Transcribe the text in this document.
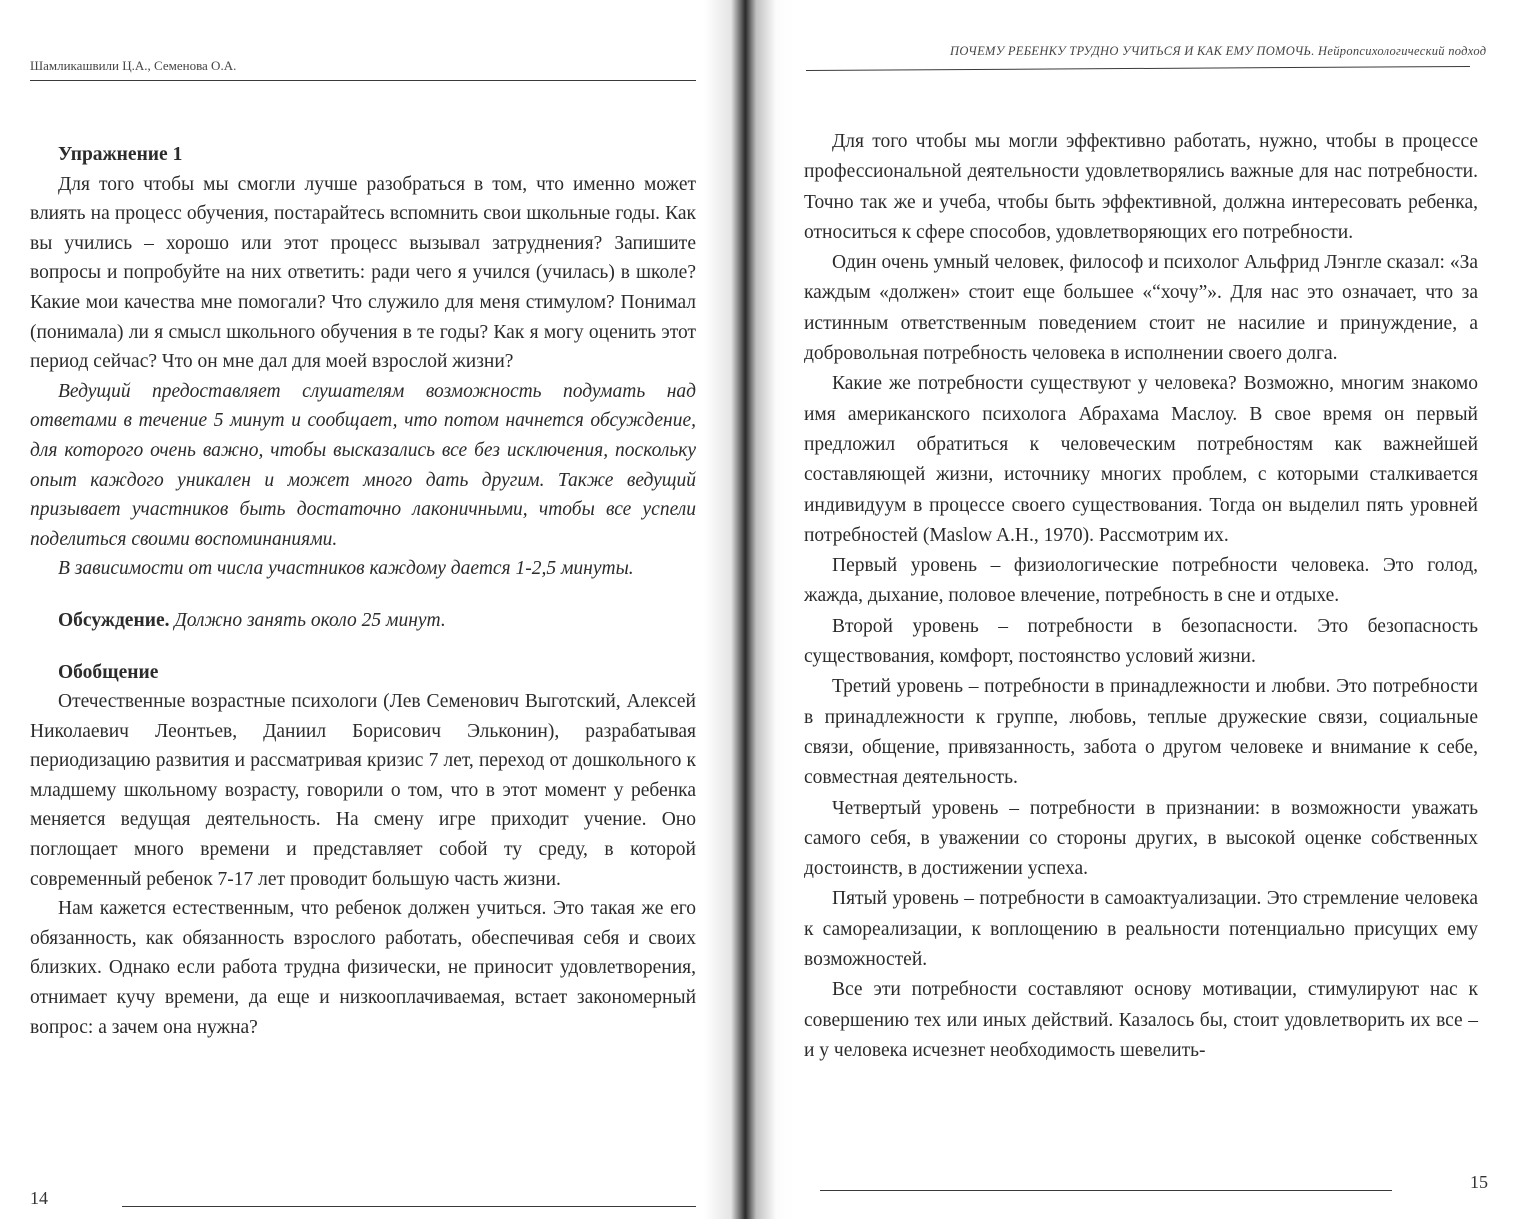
Шамликашвили Ц.А., Семенова О.А.

Упражнение 1

Для того чтобы мы смогли лучше разобраться в том, что именно может влиять на процесс обучения, постарайтесь вспомнить свои школьные годы. Как вы учились – хорошо или этот процесс вызывал затруднения? Запишите вопросы и попробуйте на них ответить: ради чего я учился (училась) в школе? Какие мои качества мне помогали? Что служило для меня стимулом? Понимал (понимала) ли я смысл школьного обучения в те годы? Как я могу оценить этот период сейчас? Что он мне дал для моей взрослой жизни?

Ведущий предоставляет слушателям возможность подумать над ответами в течение 5 минут и сообщает, что потом начнется обсуждение, для которого очень важно, чтобы высказались все без исключения, поскольку опыт каждого уникален и может много дать другим. Также ведущий призывает участников быть достаточно лаконичными, чтобы все успели поделиться своими воспоминаниями.

В зависимости от числа участников каждому дается 1-2,5 минуты.

Обсуждение. Должно занять около 25 минут.

Обобщение

Отечественные возрастные психологи (Лев Семенович Выготский, Алексей Николаевич Леонтьев, Даниил Борисович Эльконин), разрабатывая периодизацию развития и рассматривая кризис 7 лет, переход от дошкольного к младшему школьному возрасту, говорили о том, что в этот момент у ребенка меняется ведущая деятельность. На смену игре приходит учение. Оно поглощает много времени и представляет собой ту среду, в которой современный ребенок 7-17 лет проводит большую часть жизни.

Нам кажется естественным, что ребенок должен учиться. Это такая же его обязанность, как обязанность взрослого работать, обеспечивая себя и своих близких. Однако если работа трудна физически, не приносит удовлетворения, отнимает кучу времени, да еще и низкооплачиваемая, встает закономерный вопрос: а зачем она нужна?

14
ПОЧЕМУ РЕБЕНКУ ТРУДНО УЧИТЬСЯ И КАК ЕМУ ПОМОЧЬ. Нейропсихологический подход

Для того чтобы мы могли эффективно работать, нужно, чтобы в процессе профессиональной деятельности удовлетворялись важные для нас потребности. Точно так же и учеба, чтобы быть эффективной, должна интересовать ребенка, относиться к сфере способов, удовлетворяющих его потребности.

Один очень умный человек, философ и психолог Альфрид Лэнгле сказал: «За каждым «должен» стоит еще большее «“хочу”». Для нас это означает, что за истинным ответственным поведением стоит не насилие и принуждение, а добровольная потребность человека в исполнении своего долга.

Какие же потребности существуют у человека? Возможно, многим знакомо имя американского психолога Абрахама Маслоу. В свое время он первый предложил обратиться к человеческим потребностям как важнейшей составляющей жизни, источнику многих проблем, с которыми сталкивается индивидуум в процессе своего существования. Тогда он выделил пять уровней потребностей (Maslow A.H., 1970). Рассмотрим их.

Первый уровень – физиологические потребности человека. Это голод, жажда, дыхание, половое влечение, потребность в сне и отдыхе.

Второй уровень – потребности в безопасности. Это безопасность существования, комфорт, постоянство условий жизни.

Третий уровень – потребности в принадлежности и любви. Это потребности в принадлежности к группе, любовь, теплые дружеские связи, социальные связи, общение, привязанность, забота о другом человеке и внимание к себе, совместная деятельность.

Четвертый уровень – потребности в признании: в возможности уважать самого себя, в уважении со стороны других, в высокой оценке собственных достоинств, в достижении успеха.

Пятый уровень – потребности в самоактуализации. Это стремление человека к самореализации, к воплощению в реальности потенциально присущих ему возможностей.

Все эти потребности составляют основу мотивации, стимулируют нас к совершению тех или иных действий. Казалось бы, стоит удовлетворить их все – и у человека исчезнет необходимость шевелить-

15
